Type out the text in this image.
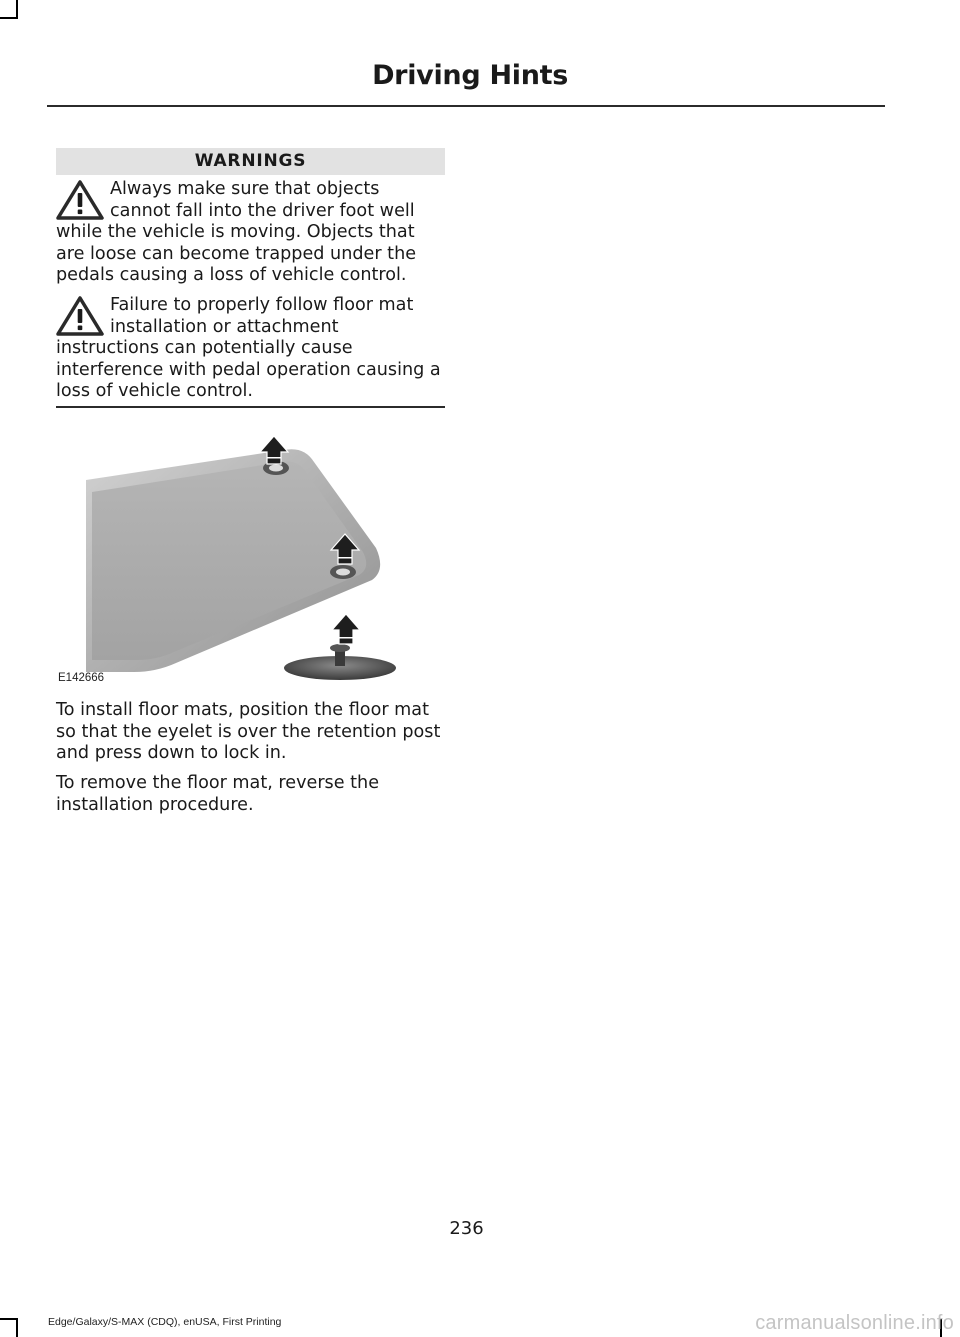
Driving Hints
WARNINGS

Always make sure that objects cannot fall into the driver foot well while the vehicle is moving. Objects that are loose can become trapped under the pedals causing a loss of vehicle control.

Failure to properly follow floor mat installation or attachment instructions can potentially cause interference with pedal operation causing a loss of vehicle control.

E142666

To install floor mats, position the floor mat so that the eyelet is over the retention post and press down to lock in.

To remove the floor mat, reverse the installation procedure.

236
Edge/Galaxy/S-MAX (CDQ), enUSA, First Printing	carmanualsonline.info
